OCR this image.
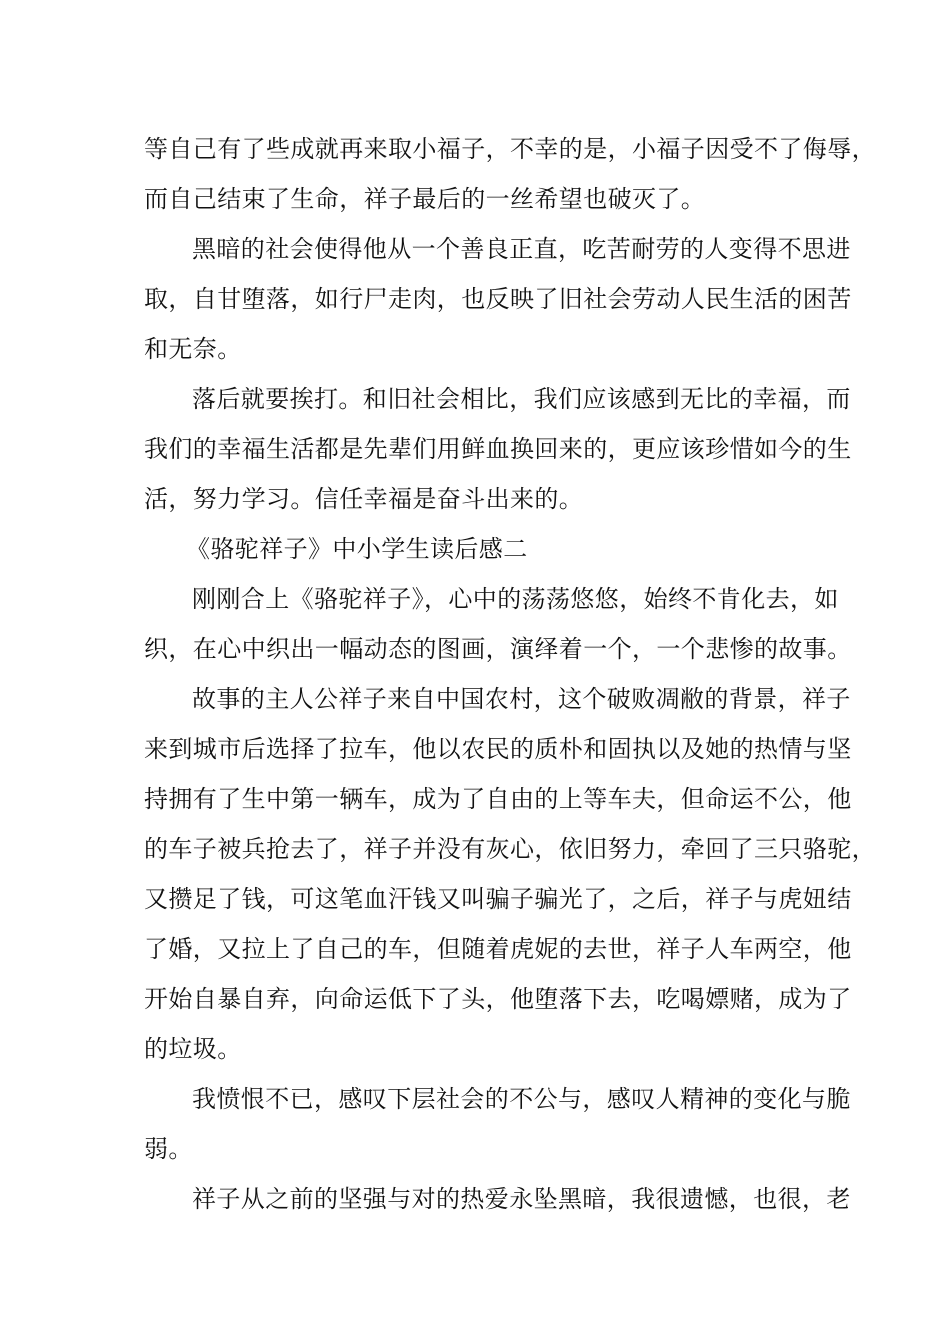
等自己有了些成就再来取小福子，不幸的是，小福子因受不了侮辱，
而自己结束了生命，祥子最后的一丝希望也破灭了。
黑暗的社会使得他从一个善良正直，吃苦耐劳的人变得不思进
取，自甘堕落，如行尸走肉，也反映了旧社会劳动人民生活的困苦
和无奈。
落后就要挨打。和旧社会相比，我们应该感到无比的幸福，而
我们的幸福生活都是先辈们用鲜血换回来的，更应该珍惜如今的生
活，努力学习。信任幸福是奋斗出来的。
《骆驼祥子》中小学生读后感二
刚刚合上《骆驼祥子》，心中的荡荡悠悠，始终不肯化去，如
织，在心中织出一幅动态的图画，演绎着一个，一个悲惨的故事。
故事的主人公祥子来自中国农村，这个破败凋敝的背景，祥子
来到城市后选择了拉车，他以农民的质朴和固执以及她的热情与坚
持拥有了生中第一辆车，成为了自由的上等车夫，但命运不公，他
的车子被兵抢去了，祥子并没有灰心，依旧努力，牵回了三只骆驼，
又攒足了钱，可这笔血汗钱又叫骗子骗光了，之后，祥子与虎妞结
了婚，又拉上了自己的车，但随着虎妮的去世，祥子人车两空，他
开始自暴自弃，向命运低下了头，他堕落下去，吃喝嫖赌，成为了
的垃圾。
我愤恨不已，感叹下层社会的不公与，感叹人精神的变化与脆
弱。
祥子从之前的坚强与对的热爱永坠黑暗，我很遗憾，也很，老
